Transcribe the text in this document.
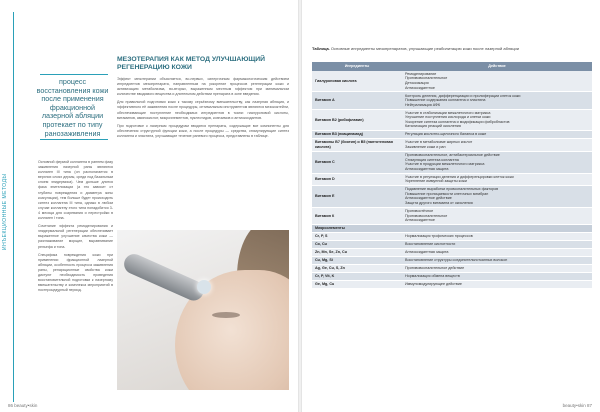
ИНЪЕКЦИОННЫЕ МЕТОДЫ
процесс восстановления кожи после применения фракционной лазерной абляции протекает по типу ранозаживления

Основной фермой коллагена в раннем фазу заживления лазерной раны являются коллаген III типа (он располагается в верхних слоях дермы, среди под базальным слоем эпидермиса). Чем дольше длится фаза эпителизации (а это зависит от глубины повреждения и диаметра зоны коагуляции), тем больше будет происходить синтез коллагена III типа, однако в любом случае коллагену этого типа понадобится 3-4 месяца для созревания и перестройки в коллаген I типа.

Сочетание эффекта ремоделирования и эпидермальной регенерации обеспечивает выраженное улучшение качества кожи — разглаживание морщин, выравнивание рельефа и тона.

Специфика повреждения кожи при применении фракционной лазерной абляции, особенность процесса заживления раны, репарационные свойства кожи диктуют необходимость проведения восстановительной подготовки к лазерному вмешательству и комплекса мероприятий в постпроцедурный период.

МЕЗОТЕРАПИЯ КАК МЕТОД УЛУЧШАЮЩИЙ РЕГЕНЕРАЦИЮ КОЖИ

Эффект мезотерапии объясняется, во-первых, синергичным фармакологическим действием ингредиентов мезопрепарата, направленным на ускорение процессов регенерации кожи и активизацию метаболизма, во-вторых, выраженным местным эффектом при минимальном количестве вводимого вещества и длительном действии препарата в зоне введения.

Для правильной подготовки кожи к такому серьёзному вмешательству, как лазерная абляция, и эффективного её заживления после процедуры, оптимальным инструментом являются мезококтейли, обеспечивающие поступление необходимых ингредиентов в ткани: гиалуроновой кислоты, витаминов, аминокислот, микроэлементов, нуклеотидов, коэнзимов и антиоксидантов.

При подготовке к лазерным процедурам вводятся препараты, содержащие все компоненты для обеспечения структурной функции кожи, а после процедуры — средства, стимулирующие синтез коллагена и эластина, улучшающие течение раневого процесса, представлены в таблице.

86 beauty•skin
Таблица. Основные ингредиенты мезопрепаратов, улучшающие реабилитацию кожи после лазерной абляции
Ингредиенты	Действие
Гиалуроновая кислота	Ремоделирование
Противовоспалительное
Детоксикация
Антиоксидантное

Витамин А	Контроль деления, дифференциации и пролиферации клеток кожи
Повышение содержания коллагена и эластина
Нейтрализация АФК

Витамин В2 (рибофлавин)	Участие в стабилизации межклеточного матрикса
Улучшение поступления кислорода и клетки кожи
Ускорение синтеза коллагена и модификации фибробластов
Катализация реакций окисления

Витамин В3 (ниацинамид)	Регуляция кислотно-щелочного баланса в коже

Витамины В7 (биотин) и В5 (пантотеновая кислота)	Участие в метаболизме жирных кислот
Заживление кожи и ран

Витамин С	Противовоспалительное, антибактериальное действие
Стимуляция синтеза коллагена
Участие в продукции межклеточного матрикса
Антиоксидантная защита

Витамин D	Участие в регуляции деления и дифференцировки клеток кожи
Укрепление иммунной защиты кожи

Витамин Е	Подавление выработки провоспалительных факторов
Повышение проницаемости клеточных мембран
Антиоксидантное действие
Защита другого витамина от окисления

Витамин К	Противоотёчное
Противовоспалительное
Антиоксидантное

Микроэлементы	
Cr, P, S	Нормализация трофических процессов
Co, Cu	Восстановление кислотности
Zn, Mn, Se, Zn, Cu	Антиоксидантная защита
Cu, Mg, Si	Восстановление структуры соединительнотканных волокон
Ag, Ge, Cu, S, Zn	Противовоспалительное действие
Cr, P, Vit, K	Нормализация обмена веществ
Ge, Mg, Cu	Иммуномодулирующее действие
beauty•skin 87
